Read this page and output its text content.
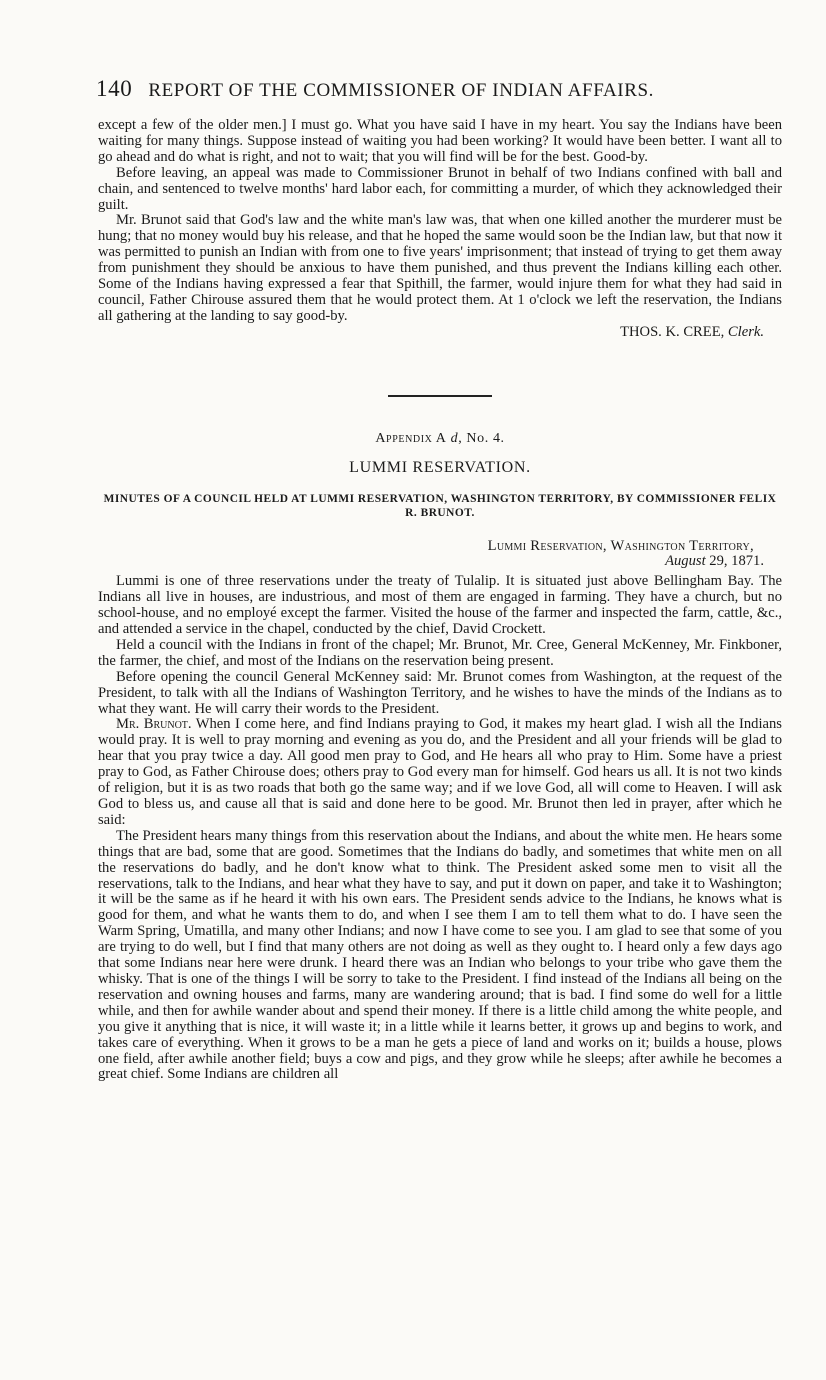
140 REPORT OF THE COMMISSIONER OF INDIAN AFFAIRS.

except a few of the older men.] I must go. What you have said I have in my heart. You say the Indians have been waiting for many things. Suppose instead of waiting you had been working? It would have been better. I want all to go ahead and do what is right, and not to wait; that you will find will be for the best. Good-by.

Before leaving, an appeal was made to Commissioner Brunot in behalf of two Indians confined with ball and chain, and sentenced to twelve months' hard labor each, for committing a murder, of which they acknowledged their guilt.

Mr. Brunot said that God's law and the white man's law was, that when one killed another the murderer must be hung; that no money would buy his release, and that he hoped the same would soon be the Indian law, but that now it was permitted to punish an Indian with from one to five years' imprisonment; that instead of trying to get them away from punishment they should be anxious to have them punished, and thus prevent the Indians killing each other. Some of the Indians having expressed a fear that Spithill, the farmer, would injure them for what they had said in council, Father Chirouse assured them that he would protect them. At 1 o'clock we left the reservation, the Indians all gathering at the landing to say good-by.

THOS. K. CREE, Clerk.
Appendix A d, No. 4.
LUMMI RESERVATION.
MINUTES OF A COUNCIL HELD AT LUMMI RESERVATION, WASHINGTON TERRITORY, BY COMMISSIONER FELIX R. BRUNOT.
Lummi Reservation, Washington Territory,
August 29, 1871.

Lummi is one of three reservations under the treaty of Tulalip. It is situated just above Bellingham Bay. The Indians all live in houses, are industrious, and most of them are engaged in farming. They have a church, but no school-house, and no employé except the farmer. Visited the house of the farmer and inspected the farm, cattle, &c., and attended a service in the chapel, conducted by the chief, David Crockett.

Held a council with the Indians in front of the chapel; Mr. Brunot, Mr. Cree, General McKenney, Mr. Finkboner, the farmer, the chief, and most of the Indians on the reservation being present.

Before opening the council General McKenney said: Mr. Brunot comes from Washington, at the request of the President, to talk with all the Indians of Washington Territory, and he wishes to have the minds of the Indians as to what they want. He will carry their words to the President.

Mr. Brunot. When I come here, and find Indians praying to God, it makes my heart glad. I wish all the Indians would pray. It is well to pray morning and evening as you do, and the President and all your friends will be glad to hear that you pray twice a day. All good men pray to God, and He hears all who pray to Him. Some have a priest pray to God, as Father Chirouse does; others pray to God every man for himself. God hears us all. It is not two kinds of religion, but it is as two roads that both go the same way; and if we love God, all will come to Heaven. I will ask God to bless us, and cause all that is said and done here to be good. Mr. Brunot then led in prayer, after which he said:

The President hears many things from this reservation about the Indians, and about the white men. He hears some things that are bad, some that are good. Sometimes that the Indians do badly, and sometimes that white men on all the reservations do badly, and he don't know what to think. The President asked some men to visit all the reservations, talk to the Indians, and hear what they have to say, and put it down on paper, and take it to Washington; it will be the same as if he heard it with his own ears. The President sends advice to the Indians, he knows what is good for them, and what he wants them to do, and when I see them I am to tell them what to do. I have seen the Warm Spring, Umatilla, and many other Indians; and now I have come to see you. I am glad to see that some of you are trying to do well, but I find that many others are not doing as well as they ought to. I heard only a few days ago that some Indians near here were drunk. I heard there was an Indian who belongs to your tribe who gave them the whisky. That is one of the things I will be sorry to take to the President. I find instead of the Indians all being on the reservation and owning houses and farms, many are wandering around; that is bad. I find some do well for a little while, and then for awhile wander about and spend their money. If there is a little child among the white people, and you give it anything that is nice, it will waste it; in a little while it learns better, it grows up and begins to work, and takes care of everything. When it grows to be a man he gets a piece of land and works on it; builds a house, plows one field, after awhile another field; buys a cow and pigs, and they grow while he sleeps; after awhile he becomes a great chief. Some Indians are children all
